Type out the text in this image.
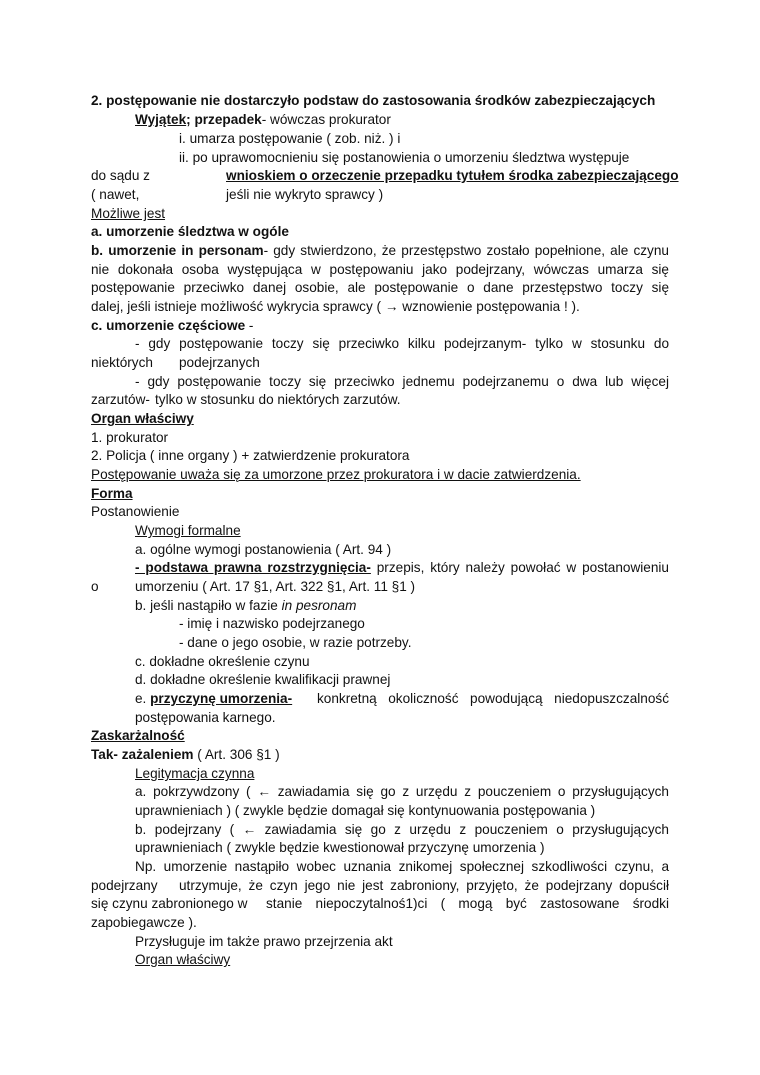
2. postępowanie nie dostarczyło podstaw do zastosowania środków zabezpieczających
Wyjątek; przepadek- wówczas prokurator
i. umarza postępowanie ( zob. niż. ) i
ii. po uprawomocnieniu się postanowienia o umorzeniu śledztwa występuje
do sądu z	wnioskiem o orzeczenie przepadku tytułem środka zabezpieczającego
( nawet,	jeśli nie wykryto sprawcy )
Możliwe jest
a. umorzenie śledztwa w ogóle
b. umorzenie in personam- gdy stwierdzono, że przestępstwo zostało popełnione, ale czynu
nie dokonała osoba występująca w postępowaniu jako podejrzany, wówczas umarza się
postępowanie przeciwko danej osobie, ale postępowanie o dane przestępstwo toczy się
dalej, jeśli istnieje możliwość wykrycia sprawcy ( → wznowienie postępowania ! ).
c. umorzenie częściowe -
- gdy postępowanie toczy się przeciwko kilku podejrzanym- tylko w stosunku do
niektórych podejrzanych
- gdy postępowanie toczy się przeciwko jednemu podejrzanemu o dwa lub więcej
zarzutów- tylko w stosunku do niektórych zarzutów.
Organ właściwy
1. prokurator
2. Policja ( inne organy ) + zatwierdzenie prokuratora
Postępowanie uważa się za umorzone przez prokuratora i w dacie zatwierdzenia.
Forma
Postanowienie
Wymogi formalne
a. ogólne wymogi postanowienia ( Art. 94 )
- podstawa prawna rozstrzygnięcia- przepis, który należy powołać w postanowieniu
o	umorzeniu ( Art. 17 §1, Art. 322 §1, Art. 11 §1 )
b. jeśli nastąpiło w fazie in pesronam
- imię i nazwisko podejrzanego
- dane o jego osobie, w razie potrzeby.
c. dokładne określenie czynu
d. dokładne określenie kwalifikacji prawnej
e. przyczynę umorzenia- konkretną okoliczność powodującą niedopuszczalność
postępowania karnego.
Zaskarżalność
Tak- zażaleniem ( Art. 306 §1 )
Legitymacja czynna
a. pokrzywdzony ( ← zawiadamia się go z urzędu z pouczeniem o przysługujących
uprawnieniach ) ( zwykle będzie domagał się kontynuowania postępowania )
b. podejrzany ( ← zawiadamia się go z urzędu z pouczeniem o przysługujących
uprawnieniach ( zwykle będzie kwestionował przyczynę umorzenia )
Np. umorzenie nastąpiło wobec uznania znikomej społecznej szkodliwości czynu, a
podejrzany utrzymuje, że czyn jego nie jest zabroniony, przyjęto, że podejrzany dopuścił
się czynu zabronionego w stanie niepoczytalnoś1)ci ( mogą być zastosowane środki
zapobiegawcze ).
Przysługuje im także prawo przejrzenia akt
Organ właściwy
